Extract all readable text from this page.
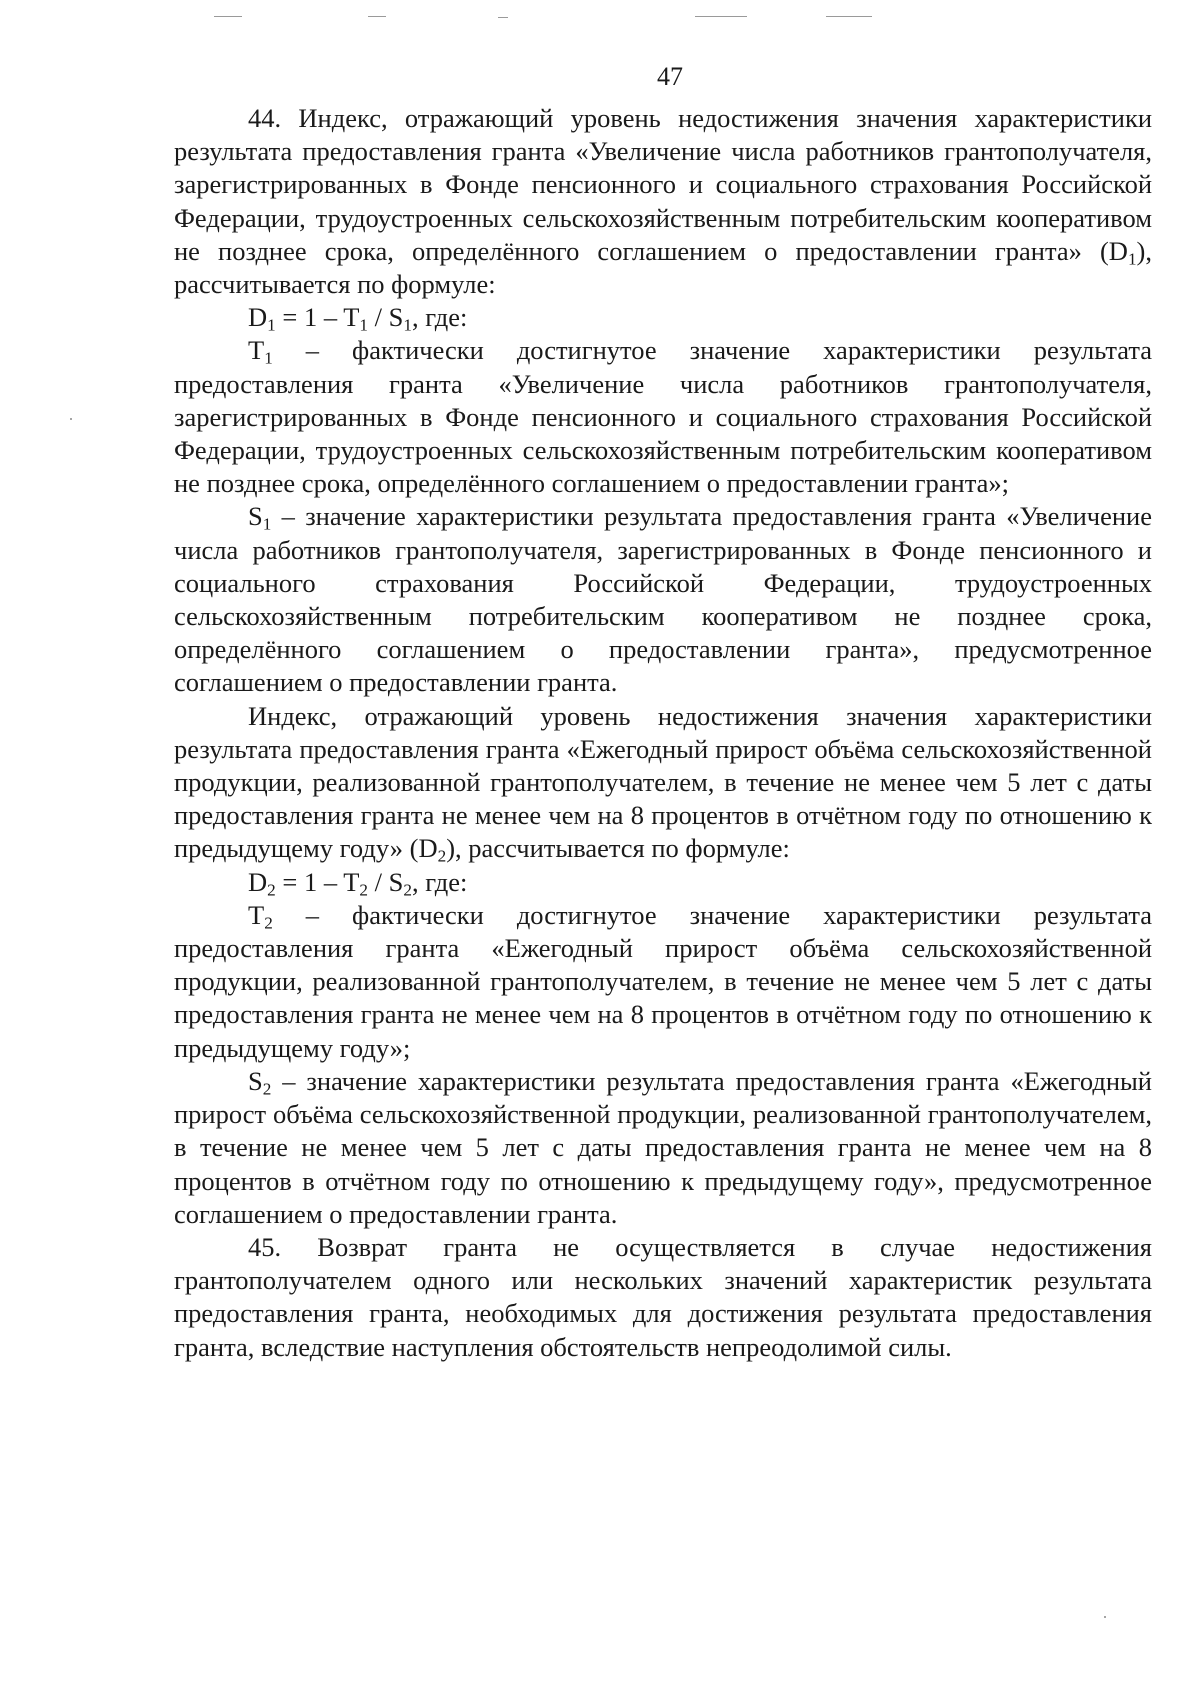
47

44. Индекс, отражающий уровень недостижения значения характеристики результата предоставления гранта «Увеличение числа работников грантополучателя, зарегистрированных в Фонде пенсионного и социального страхования Российской Федерации, трудоустроенных сельскохозяйственным потребительским кооперативом не позднее срока, определённого соглашением о предоставлении гранта» $(D_1)$, рассчитывается по формуле:

$D_1 = 1 - T_1 / S_1$, где:

$T_1$ – фактически достигнутое значение характеристики результата предоставления гранта «Увеличение числа работников грантополучателя, зарегистрированных в Фонде пенсионного и социального страхования Российской Федерации, трудоустроенных сельскохозяйственным потребительским кооперативом не позднее срока, определённого соглашением о предоставлении гранта»;

$S_1$ – значение характеристики результата предоставления гранта «Увеличение числа работников грантополучателя, зарегистрированных в Фонде пенсионного и социального страхования Российской Федерации, трудоустроенных сельскохозяйственным потребительским кооперативом не позднее срока, определённого соглашением о предоставлении гранта», предусмотренное соглашением о предоставлении гранта.

Индекс, отражающий уровень недостижения значения характеристики результата предоставления гранта «Ежегодный прирост объёма сельскохозяйственной продукции, реализованной грантополучателем, в течение не менее чем 5 лет с даты предоставления гранта не менее чем на 8 процентов в отчётном году по отношению к предыдущему году» $(D_2)$, рассчитывается по формуле:

$D_2 = 1 - T_2 / S_2$, где:

$T_2$ – фактически достигнутое значение характеристики результата предоставления гранта «Ежегодный прирост объёма сельскохозяйственной продукции, реализованной грантополучателем, в течение не менее чем 5 лет с даты предоставления гранта не менее чем на 8 процентов в отчётном году по отношению к предыдущему году»;

$S_2$ – значение характеристики результата предоставления гранта «Ежегодный прирост объёма сельскохозяйственной продукции, реализованной грантополучателем, в течение не менее чем 5 лет с даты предоставления гранта не менее чем на 8 процентов в отчётном году по отношению к предыдущему году», предусмотренное соглашением о предоставлении гранта.

45. Возврат гранта не осуществляется в случае недостижения грантополучателем одного или нескольких значений характеристик результата предоставления гранта, необходимых для достижения результата предоставления гранта, вследствие наступления обстоятельств непреодолимой силы.
